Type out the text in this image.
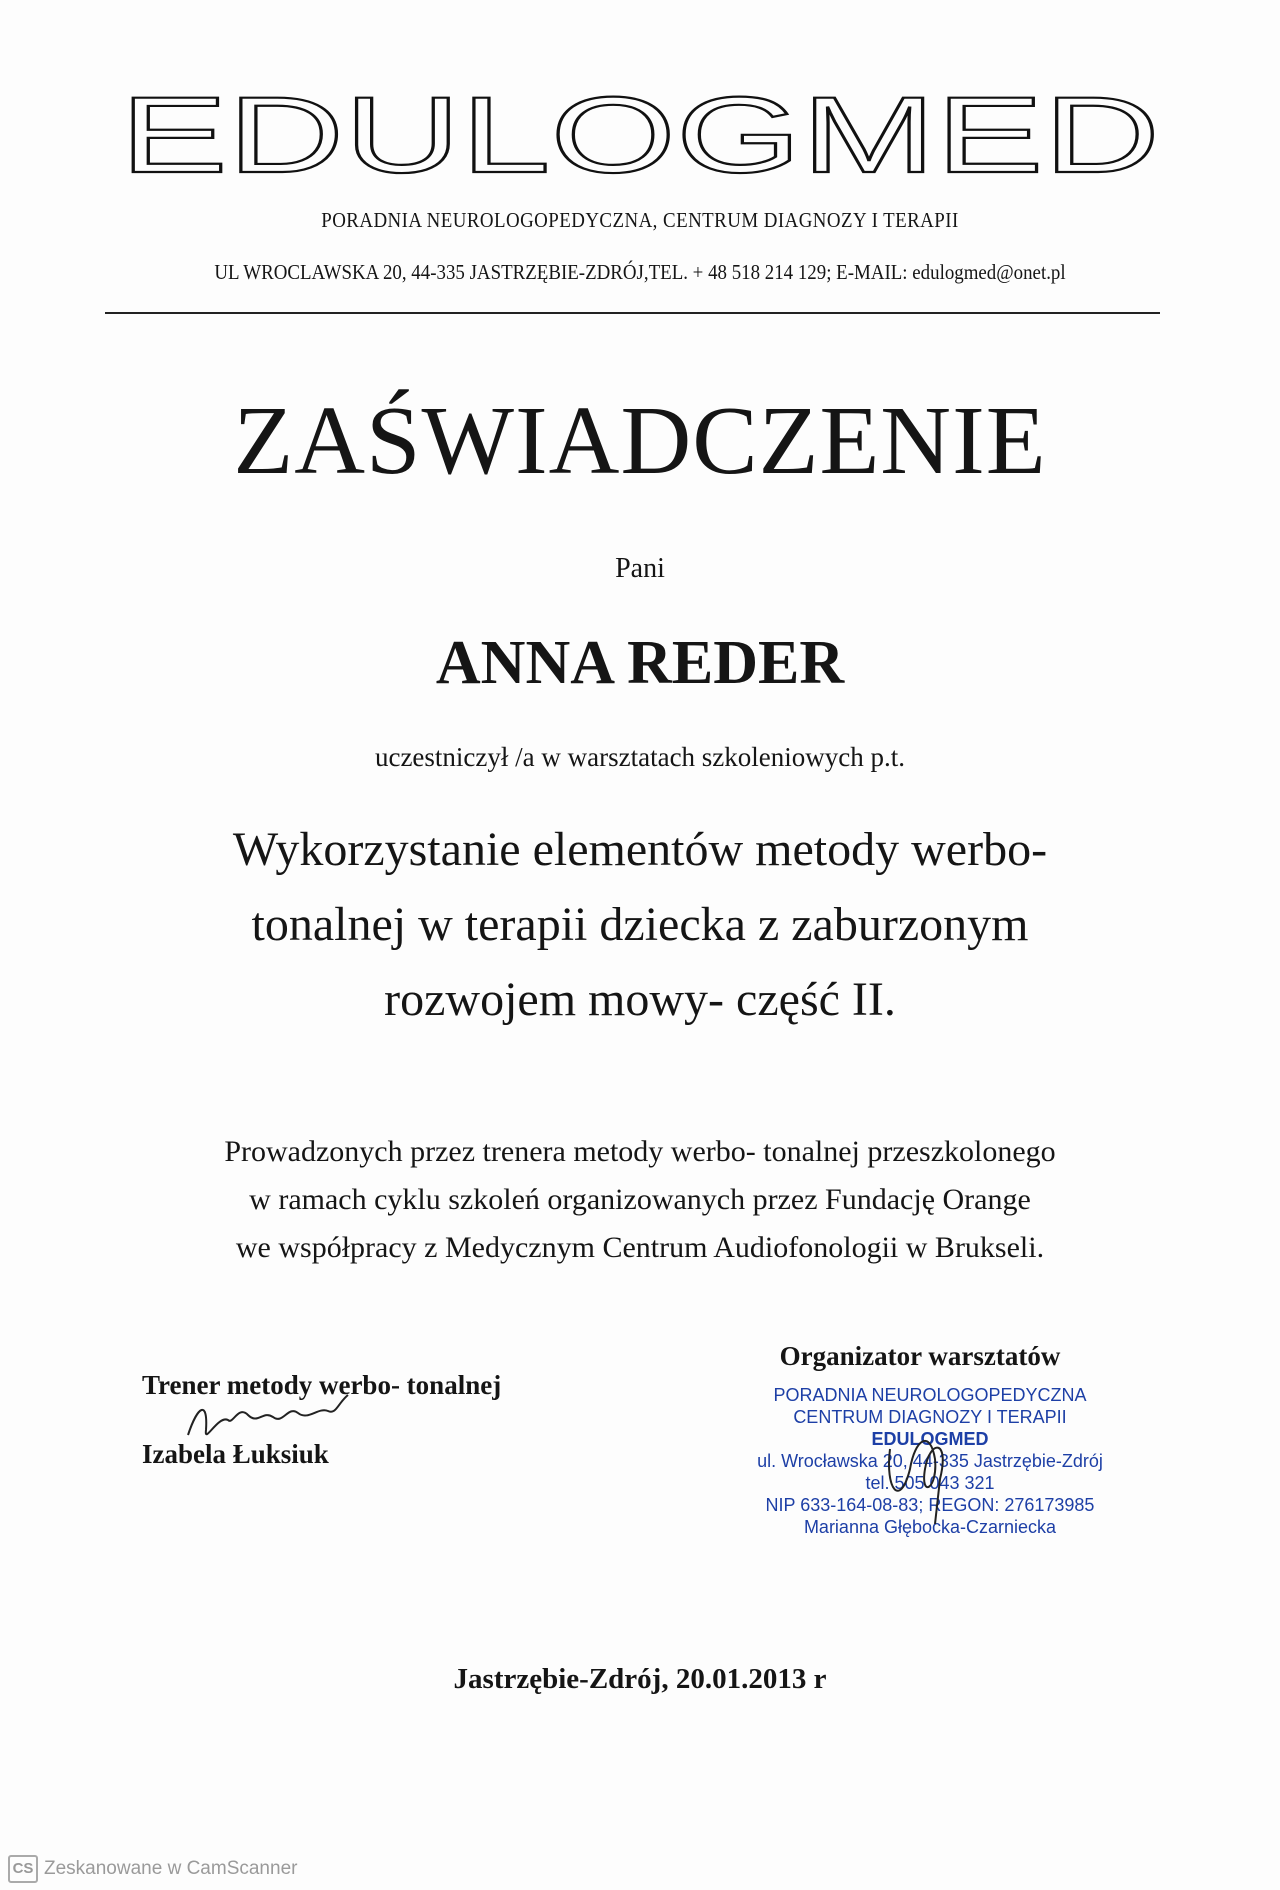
EDULOGMED
PORADNIA NEUROLOGOPEDYCZNA, CENTRUM DIAGNOZY I TERAPII
UL WROCLAWSKA 20, 44-335 JASTRZĘBIE-ZDRÓJ,TEL. + 48 518 214 129; E-MAIL: edulogmed@onet.pl
ZAŚWIADCZENIE
Pani
ANNA REDER
uczestniczył /a w warsztatach szkoleniowych p.t.
Wykorzystanie elementów metody werbo-
tonalnej w terapii dziecka z zaburzonym
rozwojem mowy- część II.
Prowadzonych przez trenera metody werbo- tonalnej przeszkolonego
w ramach cyklu szkoleń organizowanych przez Fundację Orange
we współpracy z Medycznym Centrum Audiofonologii w Brukseli.
Trener metody werbo- tonalnej
Izabela Łuksiuk
Organizator warsztatów
PORADNIA NEUROLOGOPEDYCZNA
CENTRUM DIAGNOZY I TERAPII
EDULOGMED
ul. Wrocławska 20, 44-335 Jastrzębie-Zdrój
tel. 505 043 321
NIP 633-164-08-83; REGON: 276173985
Marianna Głębocka-Czarniecka
Jastrzębie-Zdrój, 20.01.2013 r
CS Zeskanowane w CamScanner
